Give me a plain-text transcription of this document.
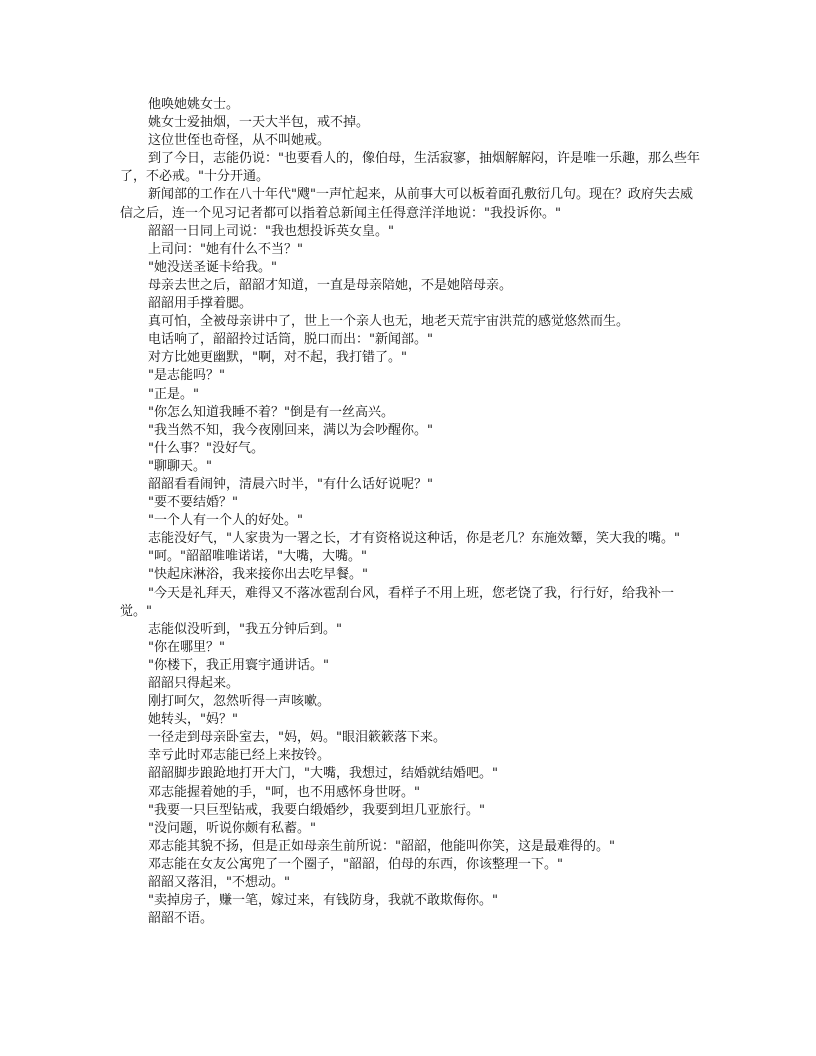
他唤她姚女士。

姚女士爱抽烟，一天大半包，戒不掉。

这位世侄也奇怪，从不叫她戒。

到了今日，志能仍说："也要看人的，像伯母，生活寂寥，抽烟解解闷，许是唯一乐趣，那么些年了，不必戒。"十分开通。

新闻部的工作在八十年代"飕"一声忙起来，从前事大可以板着面孔敷衍几句。现在？政府失去威信之后，连一个见习记者都可以指着总新闻主任得意洋洋地说："我投诉你。"

韶韶一日同上司说："我也想投诉英女皇。"

上司问："她有什么不当？"

"她没送圣诞卡给我。"

母亲去世之后，韶韶才知道，一直是母亲陪她，不是她陪母亲。

韶韶用手撑着腮。

真可怕，全被母亲讲中了，世上一个亲人也无，地老天荒宇宙洪荒的感觉悠然而生。

电话响了，韶韶拎过话筒，脱口而出："新闻部。"

对方比她更幽默，"啊，对不起，我打错了。"

"是志能吗？"

"正是。"

"你怎么知道我睡不着？"倒是有一丝高兴。

"我当然不知，我今夜刚回来，满以为会吵醒你。"

"什么事？"没好气。

"聊聊天。"

韶韶看看闹钟，清晨六时半，"有什么话好说呢？"

"要不要结婚？"

"一个人有一个人的好处。"

志能没好气，"人家贵为一署之长，才有资格说这种话，你是老几？东施效颦，笑大我的嘴。"

"呵。"韶韶唯唯诺诺，"大嘴，大嘴。"

"快起床淋浴，我来接你出去吃早餐。"

"今天是礼拜天，难得又不落冰雹刮台风，看样子不用上班，您老饶了我，行行好，给我补一觉。"

志能似没听到，"我五分钟后到。"

"你在哪里？"

"你楼下，我正用寰宇通讲话。"

韶韶只得起来。

刚打呵欠，忽然听得一声咳嗽。

她转头，"妈？"

一径走到母亲卧室去，"妈，妈。"眼泪簌簌落下来。

幸亏此时邓志能已经上来按铃。

韶韶脚步踉跄地打开大门，"大嘴，我想过，结婚就结婚吧。"

邓志能握着她的手，"呵，也不用感怀身世呀。"

"我要一只巨型钻戒，我要白缎婚纱，我要到坦几亚旅行。"

"没问题，听说你颇有私蓄。"

邓志能其貌不扬，但是正如母亲生前所说："韶韶，他能叫你笑，这是最难得的。"

邓志能在女友公寓兜了一个圈子，"韶韶，伯母的东西，你该整理一下。"

韶韶又落泪，"不想动。"

"卖掉房子，赚一笔，嫁过来，有钱防身，我就不敢欺侮你。"

韶韶不语。
